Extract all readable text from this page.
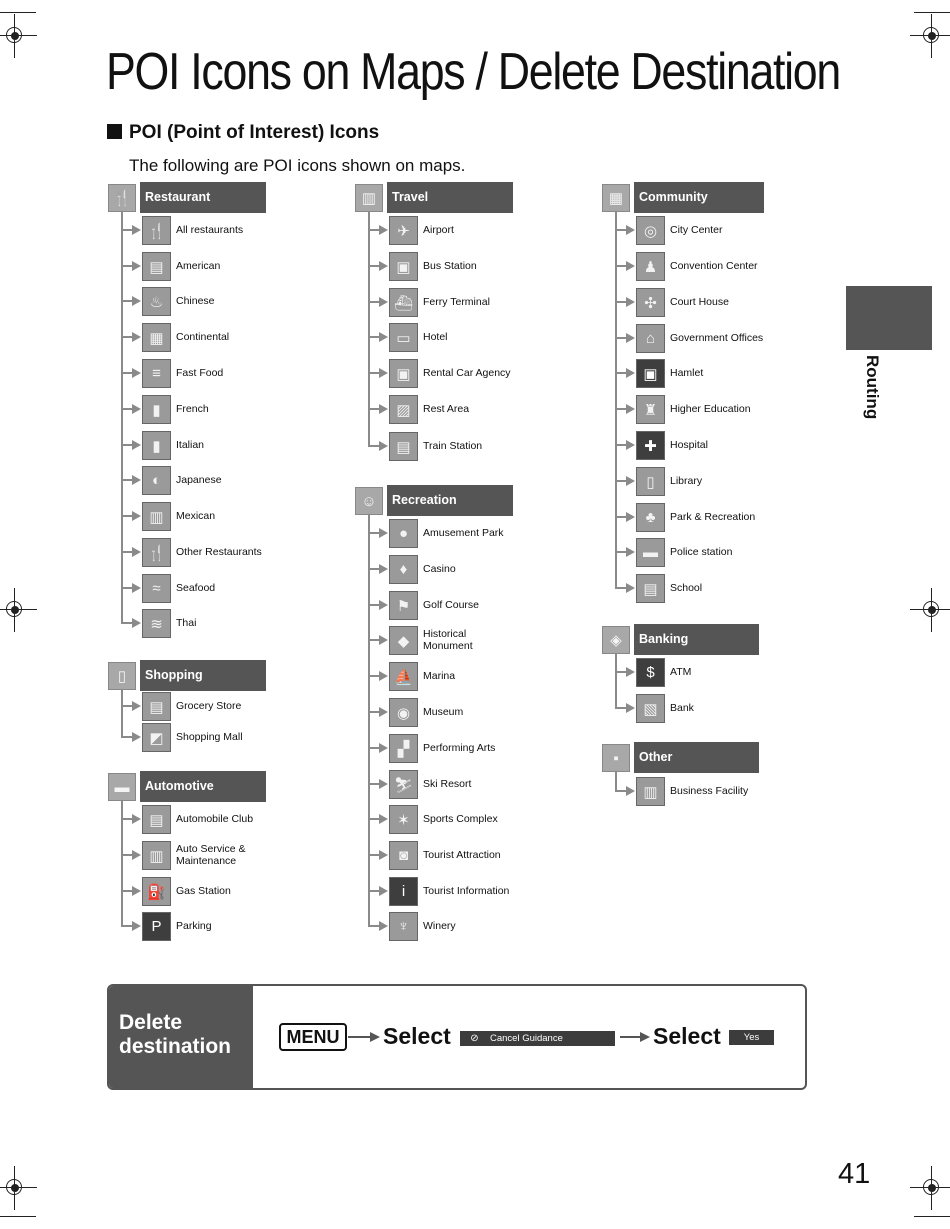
POI Icons on Maps / Delete Destination
POI (Point of Interest) Icons
The following are POI icons shown on maps.
Routing
🍴	Restaurant
🍴 All restaurants
▤	American
♨	Chinese
▦	Continental
≡	Fast Food
▮	French
▮	Italian
◐	Japanese
▥	Mexican
🍴 Other Restaurants
≈	Seafood
≋	Thai
▯	Shopping
▤	Grocery Store
◩	Shopping Mall
▬	Automotive
▤	Automobile Club
▥	Auto Service &
Maintenance
⛽ Gas Station
P	Parking
▥	Travel
✈	Airport
▣	Bus Station
⛴ Ferry Terminal
▭	Hotel
▣	Rental Car Agency
▨	Rest Area
▤	Train Station
☺	Recreation
●	Amusement Park
♦	Casino
⚑	Golf Course
◆	Historical
Monument
⛵ Marina
◉	Museum
▞	Performing Arts
⛷ Ski Resort
✶	Sports Complex
◙	Tourist Attraction
i	Tourist Information
♆	Winery
▦	Community
◎	City Center
♟	Convention Center
✣	Court House
⌂	Government Offices
▣	Hamlet
♜	Higher Education
✚	Hospital
▯	Library
♣	Park & Recreation
▬	Police station
▤	School
◈	Banking
$	ATM
▧	Bank
▪	Other
▥	Business Facility
Delete
destination	MENU	Select ⊘ Cancel Guidance	Select	Yes
41
